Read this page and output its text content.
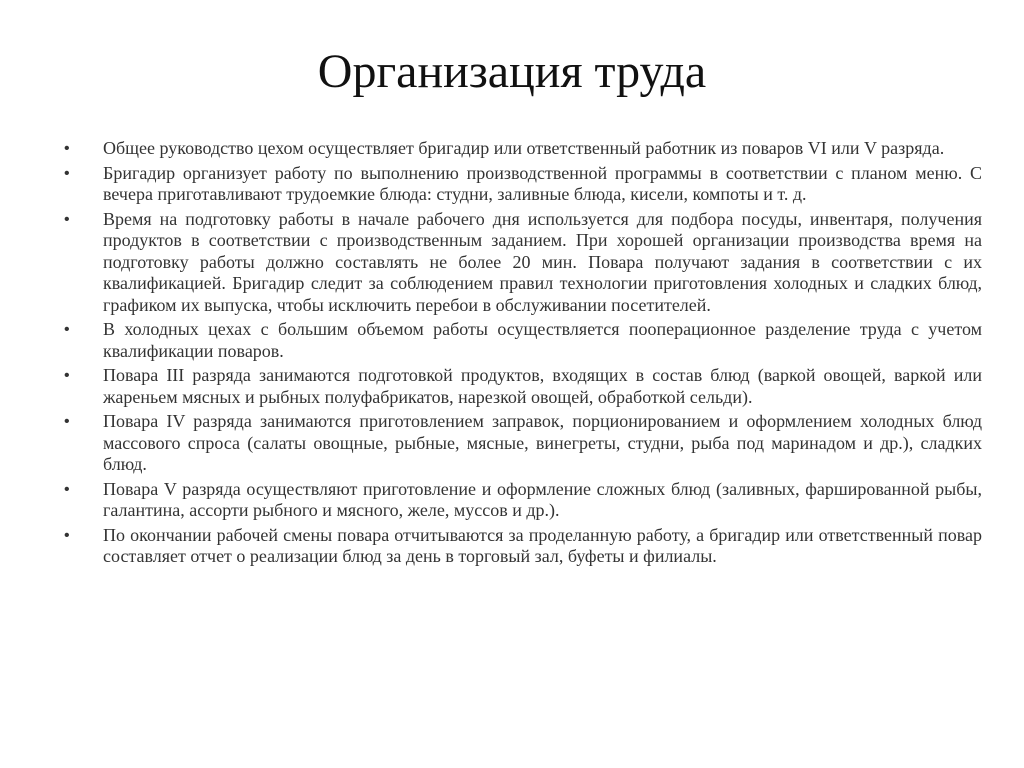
Организация труда
•	Общее руководство цехом осуществляет бригадир или ответственный работник из поваров VI или V разряда.
•	Бригадир организует работу по выполнению производственной программы в соответствии с планом меню. С вечера приготавливают трудоемкие блюда: студни, заливные блюда, кисели, компоты и т. д.
•	Время на подготовку работы в начале рабочего дня используется для подбора посуды, инвентаря, получения продуктов в соответствии с производственным заданием. При хорошей организации производства время на подготовку работы должно составлять не более 20 мин. Повара получают задания в соответствии с их квалификацией. Бригадир следит за соблюдением правил технологии приготовления холодных и сладких блюд, графиком их выпуска, чтобы исключить перебои в обслуживании посетителей.
•	В холодных цехах с большим объемом работы осуществляется пооперационное разделение труда с учетом квалификации поваров.
•	Повара III разряда занимаются подготовкой продуктов, входящих в состав блюд (варкой овощей, варкой или жареньем мясных и рыбных полуфабрикатов, нарезкой овощей, обработкой сельди).
•	Повара IV разряда занимаются приготовлением заправок, порционированием и оформлением холодных блюд массового спроса (салаты овощные, рыбные, мясные, винегреты, студни, рыба под маринадом и др.), сладких блюд.
•	Повара V разряда осуществляют приготовление и оформление сложных блюд (заливных, фаршированной рыбы, галантина, ассорти рыбного и мясного, желе, муссов и др.).
•	По окончании рабочей смены повара отчитываются за проделанную работу, а бригадир или ответственный повар составляет отчет о реализации блюд за день в торговый зал, буфеты и филиалы.
